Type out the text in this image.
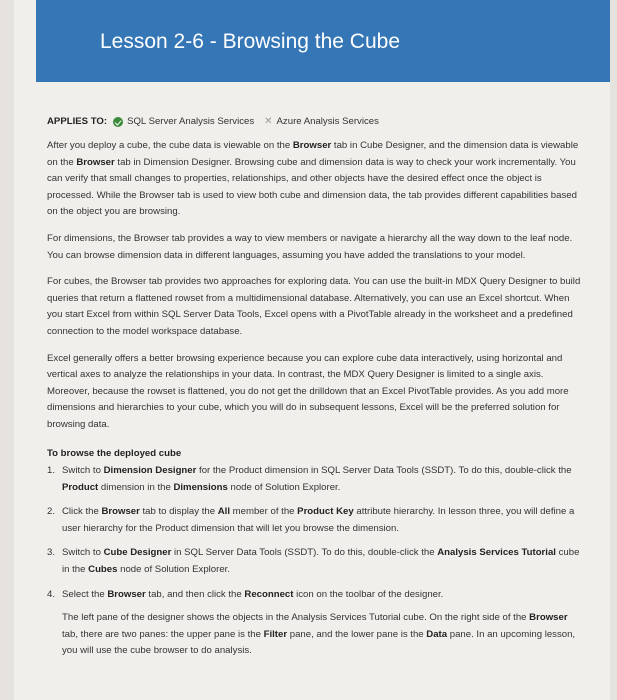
Lesson 2-6 - Browsing the Cube
APPLIES TO: SQL Server Analysis Services ✕ Azure Analysis Services

After you deploy a cube, the cube data is viewable on the Browser tab in Cube Designer, and the dimension data is viewable on the Browser tab in Dimension Designer. Browsing cube and dimension data is way to check your work incrementally. You can verify that small changes to properties, relationships, and other objects have the desired effect once the object is processed. While the Browser tab is used to view both cube and dimension data, the tab provides different capabilities based on the object you are browsing.

For dimensions, the Browser tab provides a way to view members or navigate a hierarchy all the way down to the leaf node. You can browse dimension data in different languages, assuming you have added the translations to your model.

For cubes, the Browser tab provides two approaches for exploring data. You can use the built-in MDX Query Designer to build queries that return a flattened rowset from a multidimensional database. Alternatively, you can use an Excel shortcut. When you start Excel from within SQL Server Data Tools, Excel opens with a PivotTable already in the worksheet and a predefined connection to the model workspace database.

Excel generally offers a better browsing experience because you can explore cube data interactively, using horizontal and vertical axes to analyze the relationships in your data. In contrast, the MDX Query Designer is limited to a single axis. Moreover, because the rowset is flattened, you do not get the drilldown that an Excel PivotTable provides. As you add more dimensions and hierarchies to your cube, which you will do in subsequent lessons, Excel will be the preferred solution for browsing data.

To browse the deployed cube
1. Switch to Dimension Designer for the Product dimension in SQL Server Data Tools (SSDT). To do this, double-click the Product dimension in the Dimensions node of Solution Explorer.
2. Click the Browser tab to display the All member of the Product Key attribute hierarchy. In lesson three, you will define a user hierarchy for the Product dimension that will let you browse the dimension.
3. Switch to Cube Designer in SQL Server Data Tools (SSDT). To do this, double-click the Analysis Services Tutorial cube in the Cubes node of Solution Explorer.
4. Select the Browser tab, and then click the Reconnect icon on the toolbar of the designer.
The left pane of the designer shows the objects in the Analysis Services Tutorial cube. On the right side of the Browser tab, there are two panes: the upper pane is the Filter pane, and the lower pane is the Data pane. In an upcoming lesson, you will use the cube browser to do analysis.
